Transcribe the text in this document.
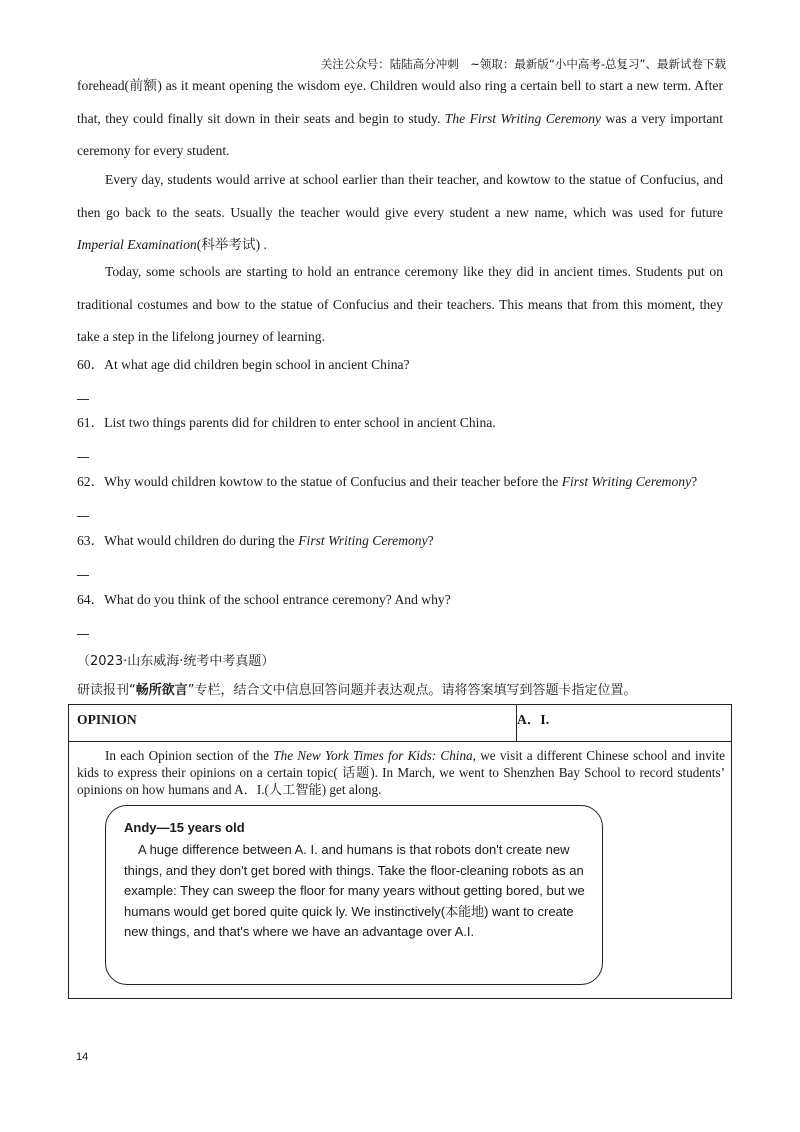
关注公众号：陆陆高分冲刺　~领取：最新版“小中高考-总复习”、最新试卷下载
forehead(前额) as it meant opening the wisdom eye. Children would also ring a certain bell to start a new term. After that, they could finally sit down in their seats and begin to study. The First Writing Ceremony was a very important ceremony for every student.
Every day, students would arrive at school earlier than their teacher, and kowtow to the statue of Confucius, and then go back to the seats. Usually the teacher would give every student a new name, which was used for future Imperial Examination(科举考试) .
Today, some schools are starting to hold an entrance ceremony like they did in ancient times. Students put on traditional costumes and bow to the statue of Confucius and their teachers. This means that from this moment, they take a step in the lifelong journey of learning.
60．At what age did children begin school in ancient China?
61．List two things parents did for children to enter school in ancient China.
62．Why would children kowtow to the statue of Confucius and their teacher before the First Writing Ceremony?
63．What would children do during the First Writing Ceremony?
64．What do you think of the school entrance ceremony? And why?
（2023·山东威海·统考中考真题）
研读报刊“畅所欲言”专栏，结合文中信息回答问题并表达观点。请将答案填写到答题卡指定位置。
OPINION	A．I.
In each Opinion section of the The New York Times for Kids: China, we visit a different Chinese school and invite kids to express their opinions on a certain topic( 话题). In March, we went to Shenzhen Bay School to record students’ opinions on how humans and A．I.(人工智能) get along.
Andy—15 years old
A huge difference between A. I. and humans is that robots don't create new things, and they don't get bored with things. Take the floor-cleaning robots as an example: They can sweep the floor for many years without getting bored, but we humans would get bored quite quick ly. We instinctively(本能地) want to create new things, and that's where we have an advantage over A.I.
14
